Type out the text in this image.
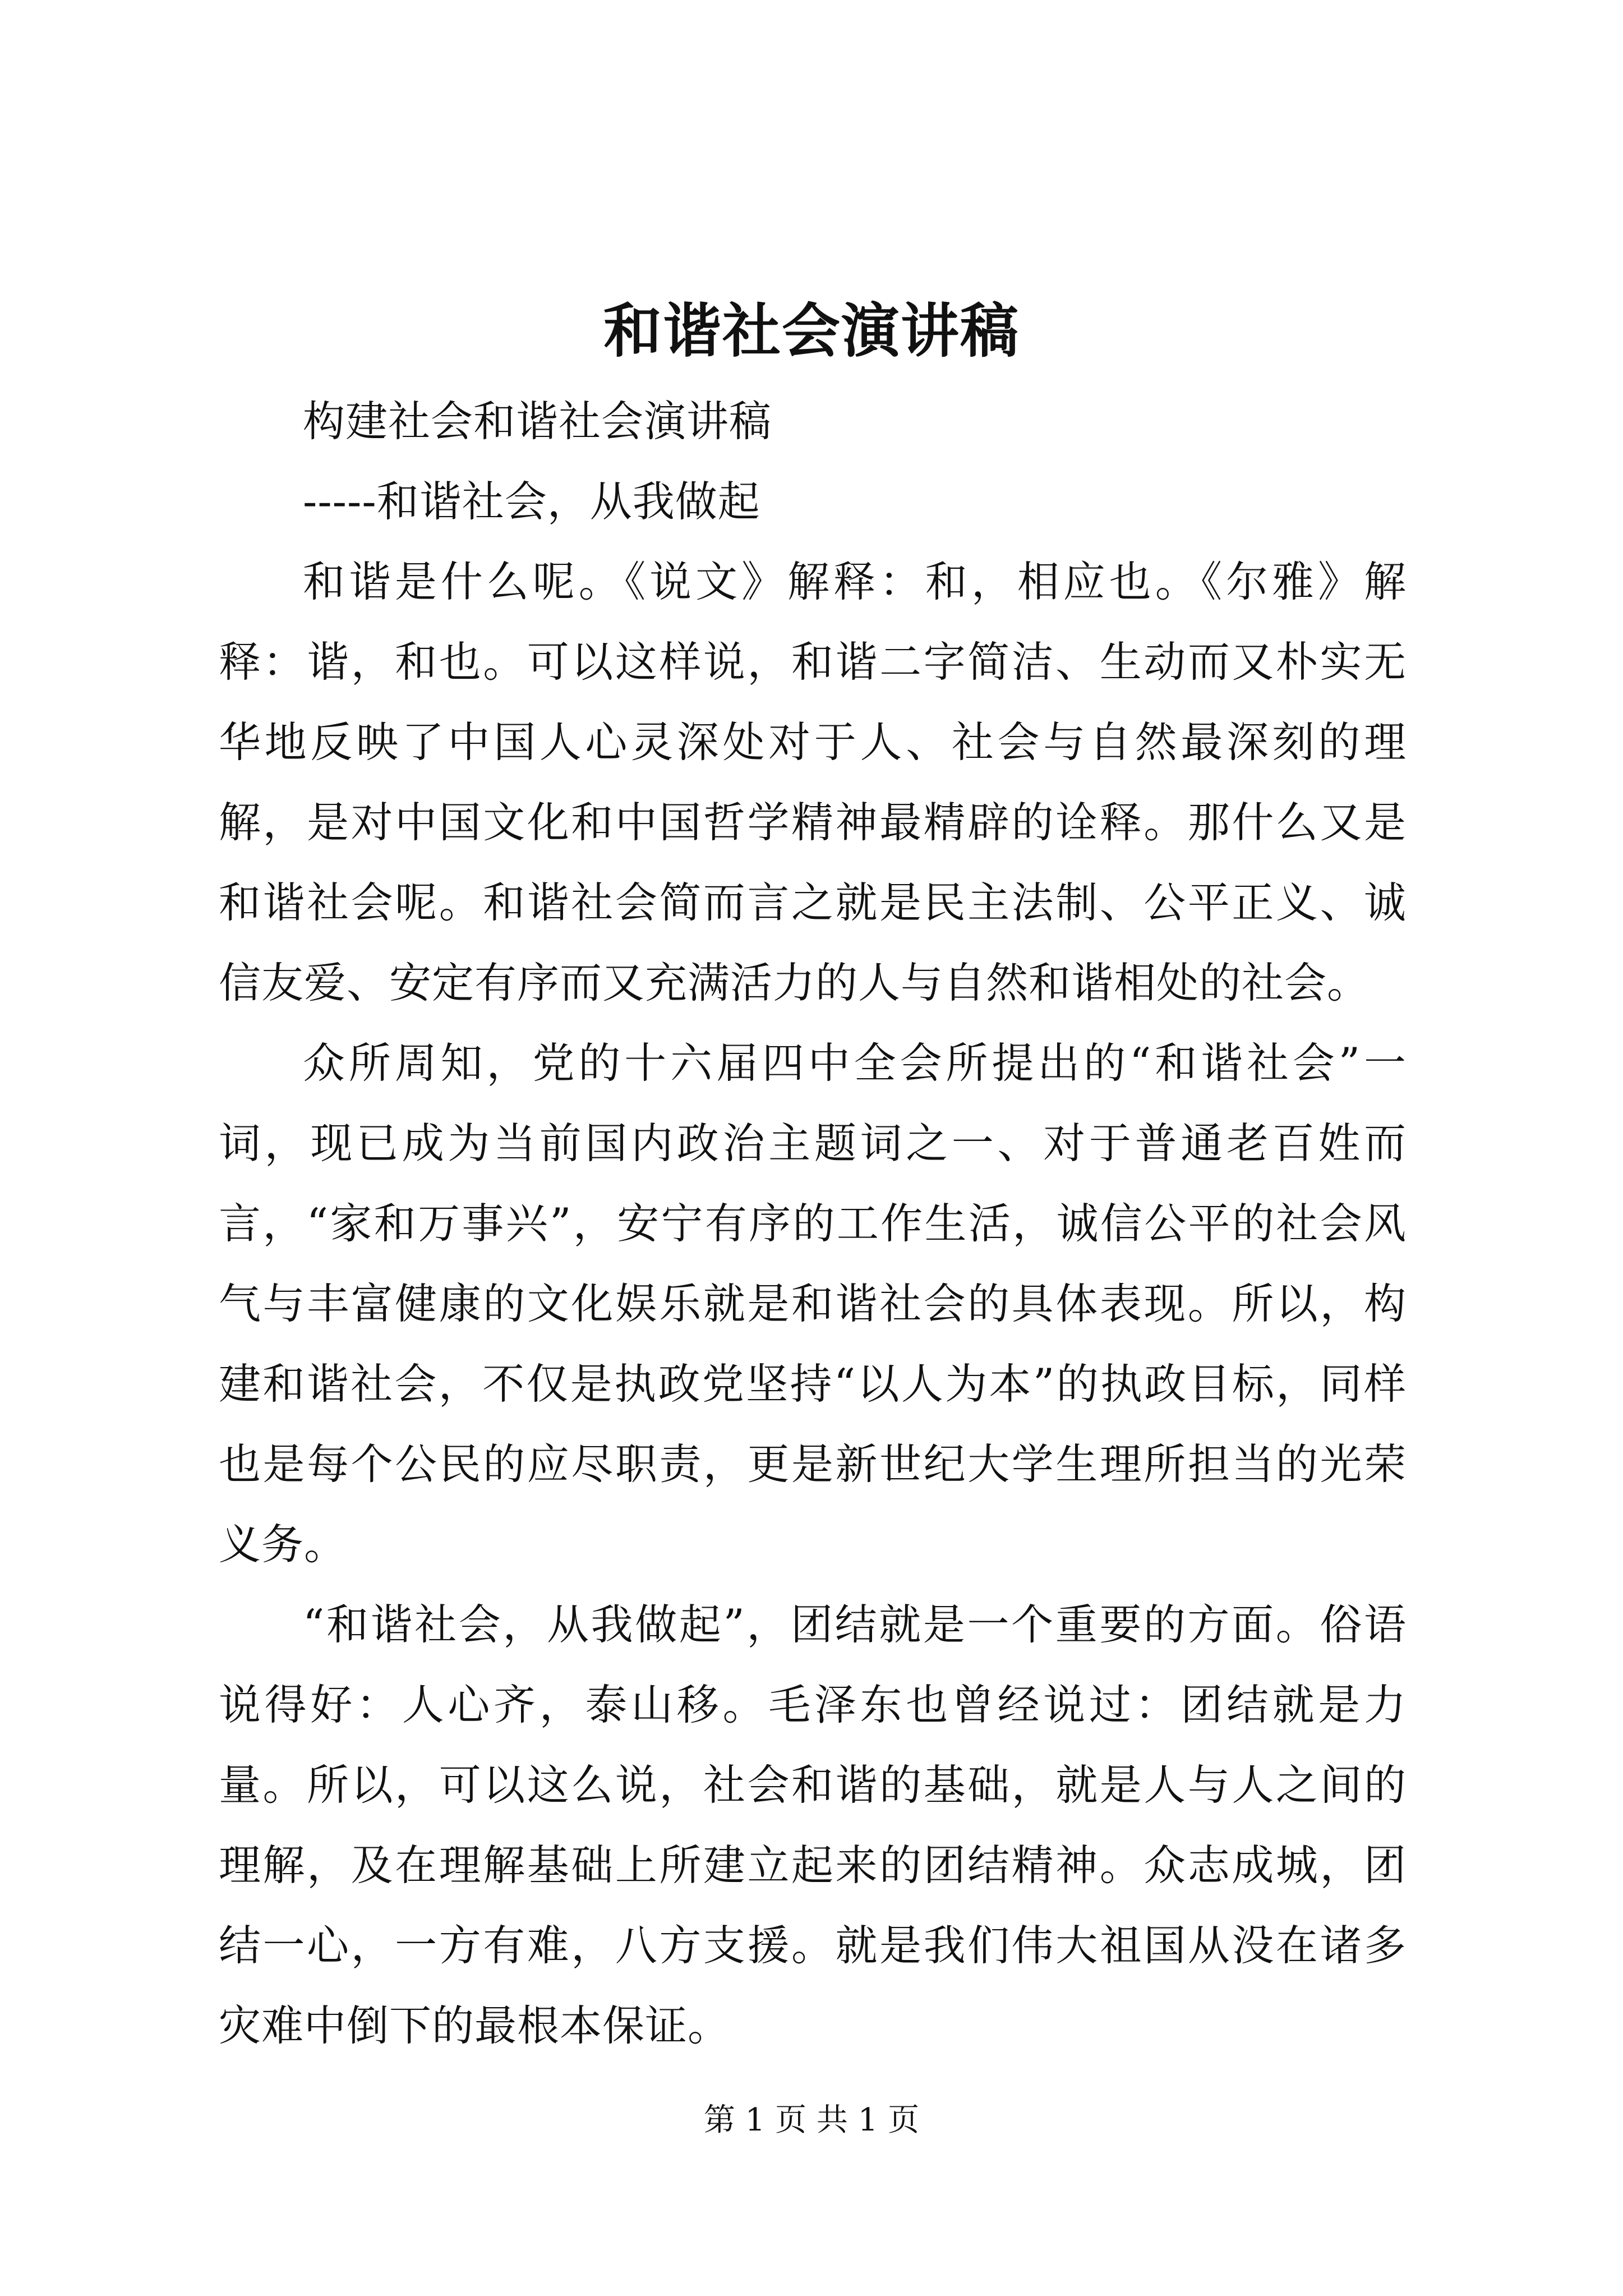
和谐社会演讲稿

构建社会和谐社会演讲稿

-----和谐社会，从我做起

和谐是什么呢。《说文》解释：和，相应也。《尔雅》解释：谐，和也。可以这样说，和谐二字简洁、生动而又朴实无华地反映了中国人心灵深处对于人、社会与自然最深刻的理解，是对中国文化和中国哲学精神最精辟的诠释。那什么又是和谐社会呢。和谐社会简而言之就是民主法制、公平正义、诚信友爱、安定有序而又充满活力的人与自然和谐相处的社会。

众所周知，党的十六届四中全会所提出的“和谐社会”一词，现已成为当前国内政治主题词之一、对于普通老百姓而言，“家和万事兴”，安宁有序的工作生活，诚信公平的社会风气与丰富健康的文化娱乐就是和谐社会的具体表现。所以，构建和谐社会，不仅是执政党坚持“以人为本”的执政目标，同样也是每个公民的应尽职责，更是新世纪大学生理所担当的光荣义务。

“和谐社会，从我做起”，团结就是一个重要的方面。俗语说得好：人心齐，泰山移。毛泽东也曾经说过：团结就是力量。所以，可以这么说，社会和谐的基础，就是人与人之间的理解，及在理解基础上所建立起来的团结精神。众志成城，团结一心，一方有难，八方支援。就是我们伟大祖国从没在诸多灾难中倒下的最根本保证。

第 1 页 共 1 页
